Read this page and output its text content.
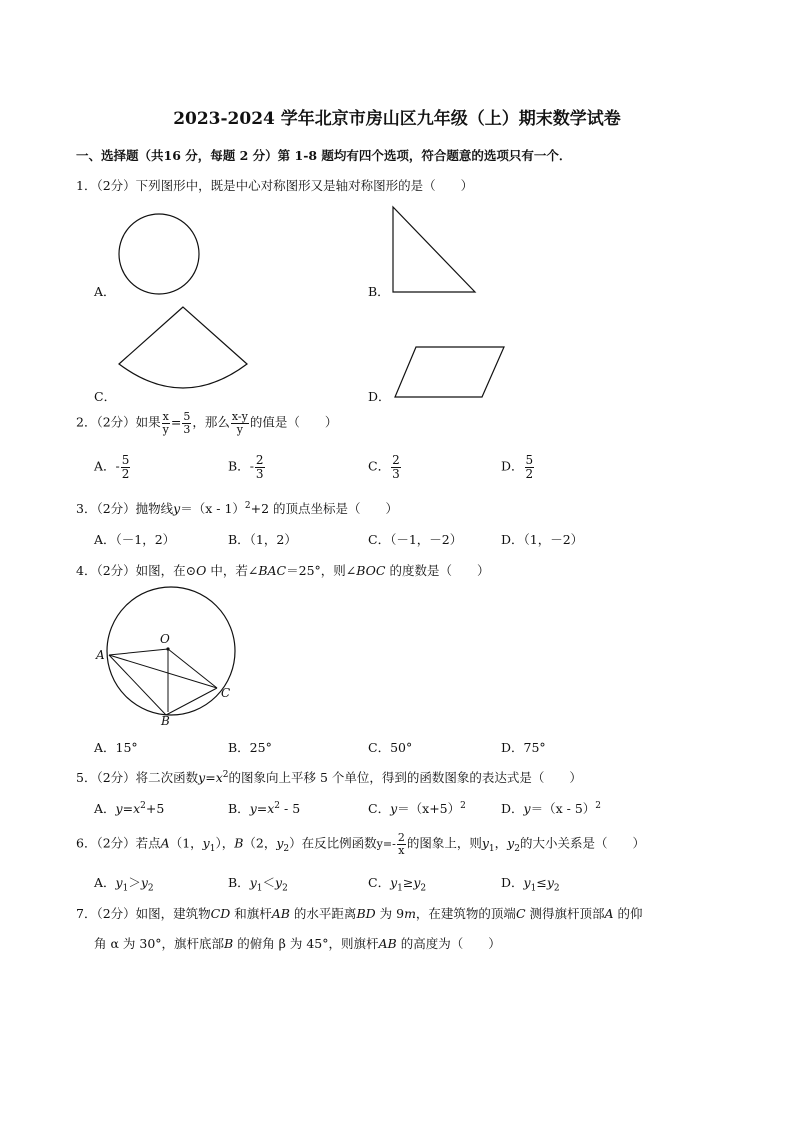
2023-2024 学年北京市房山区九年级（上）期末数学试卷
一、选择题（共16 分，每题 2 分）第 1-8 题均有四个选项，符合题意的选项只有一个．
1．（2分）下列图形中，既是中心对称图形又是轴对称图形的是（　　）
A．	B．
C．	D．
2．（2分）如果 $\frac{x}{y} = \frac{5}{3}$ ，那么 $\frac{x-y}{y}$ 的值是（　　）
A．- $\frac{5}{2}$	B．- $\frac{2}{3}$	C． $\frac{2}{3}$	D． $\frac{5}{2}$
3．（2分）抛物线y＝（x - 1）$^2$+2 的顶点坐标是（　　）
A．（－1，2）	B．（1，2）	C．（－1，－2）	D．（1，－2）
4．（2分）如图，在⊙O 中，若∠BAC＝25°，则∠BOC 的度数是（　　）
O
A
B
C
A．15°	B．25°	C．50°	D．75°
5．（2分）将二次函数$y=x^2$的图象向上平移 5 个单位，得到的函数图象的表达式是（　　）
A．$y=x^2+5$	B．$y=x^2 - 5$	C．$y=(x+5)^2$	D．y＝（x - 5）$^2$
6．（2分）若点A（1，$y_1$），B（2，$y_2$）在反比例函数$y=- \frac{2}{x}$ 的图象上，则$y_1$，$y_2$的大小关系是（　　）
A．$y_1>y_2$	B．$y_1<y_2$	C．$y_1\ge y_2$	D．$y_1\le y_2$
7．（2分）如图，建筑物CD 和旗杆AB 的水平距离BD 为 9m，在建筑物的顶端C 测得旗杆顶部A 的仰
角 α 为 30°，旗杆底部B 的俯角 β 为 45°，则旗杆AB 的高度为（　　）
